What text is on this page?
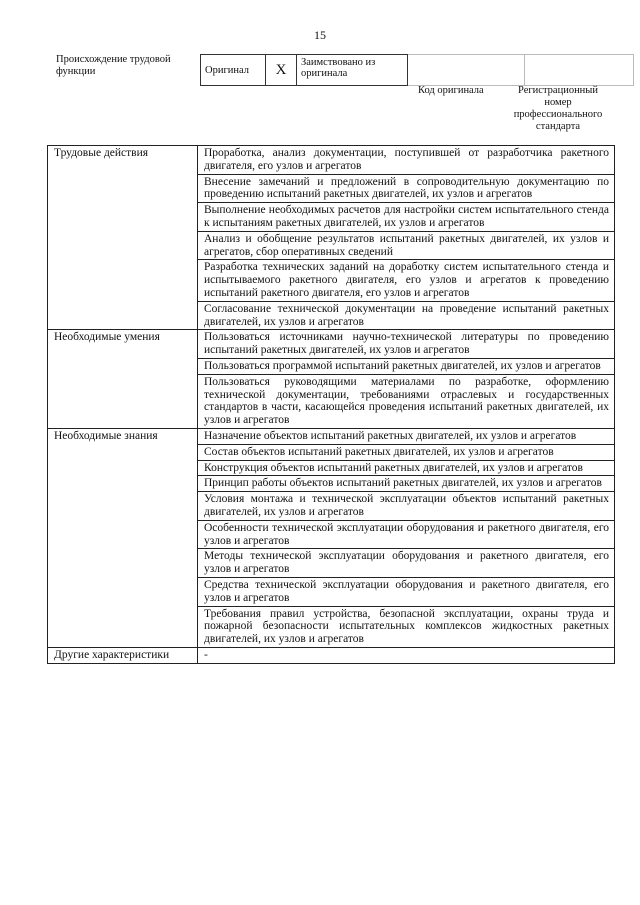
15
Происхождение трудовой функции	Оригинал	X	Заимствовано из оригинала		
Код оригинала	Регистрационный номер профессионального стандарта
Трудовые действия	Проработка, анализ документации, поступившей от разработчика ракетного двигателя, его узлов и агрегатов
	Внесение замечаний и предложений в сопроводительную документацию по проведению испытаний ракетных двигателей, их узлов и агрегатов
	Выполнение необходимых расчетов для настройки систем испытательного стенда к испытаниям ракетных двигателей, их узлов и агрегатов
	Анализ и обобщение результатов испытаний ракетных двигателей, их узлов и агрегатов, сбор оперативных сведений
	Разработка технических заданий на доработку систем испытательного стенда и испытываемого ракетного двигателя, его узлов и агрегатов к проведению испытаний ракетного двигателя, его узлов и агрегатов
	Согласование технической документации на проведение испытаний ракетных двигателей, их узлов и агрегатов
Необходимые умения	Пользоваться источниками научно-технической литературы по проведению испытаний ракетных двигателей, их узлов и агрегатов
	Пользоваться программой испытаний ракетных двигателей, их узлов и агрегатов
	Пользоваться руководящими материалами по разработке, оформлению технической документации, требованиями отраслевых и государственных стандартов в части, касающейся проведения испытаний ракетных двигателей, их узлов и агрегатов
Необходимые знания	Назначение объектов испытаний ракетных двигателей, их узлов и агрегатов
	Состав объектов испытаний ракетных двигателей, их узлов и агрегатов
	Конструкция объектов испытаний ракетных двигателей, их узлов и агрегатов
	Принцип работы объектов испытаний ракетных двигателей, их узлов и агрегатов
	Условия монтажа и технической эксплуатации объектов испытаний ракетных двигателей, их узлов и агрегатов
	Особенности технической эксплуатации оборудования и ракетного двигателя, его узлов и агрегатов
	Методы технической эксплуатации оборудования и ракетного двигателя, его узлов и агрегатов
	Средства технической эксплуатации оборудования и ракетного двигателя, его узлов и агрегатов
	Требования правил устройства, безопасной эксплуатации, охраны труда и пожарной безопасности испытательных комплексов жидкостных ракетных двигателей, их узлов и агрегатов
Другие характеристики	-
